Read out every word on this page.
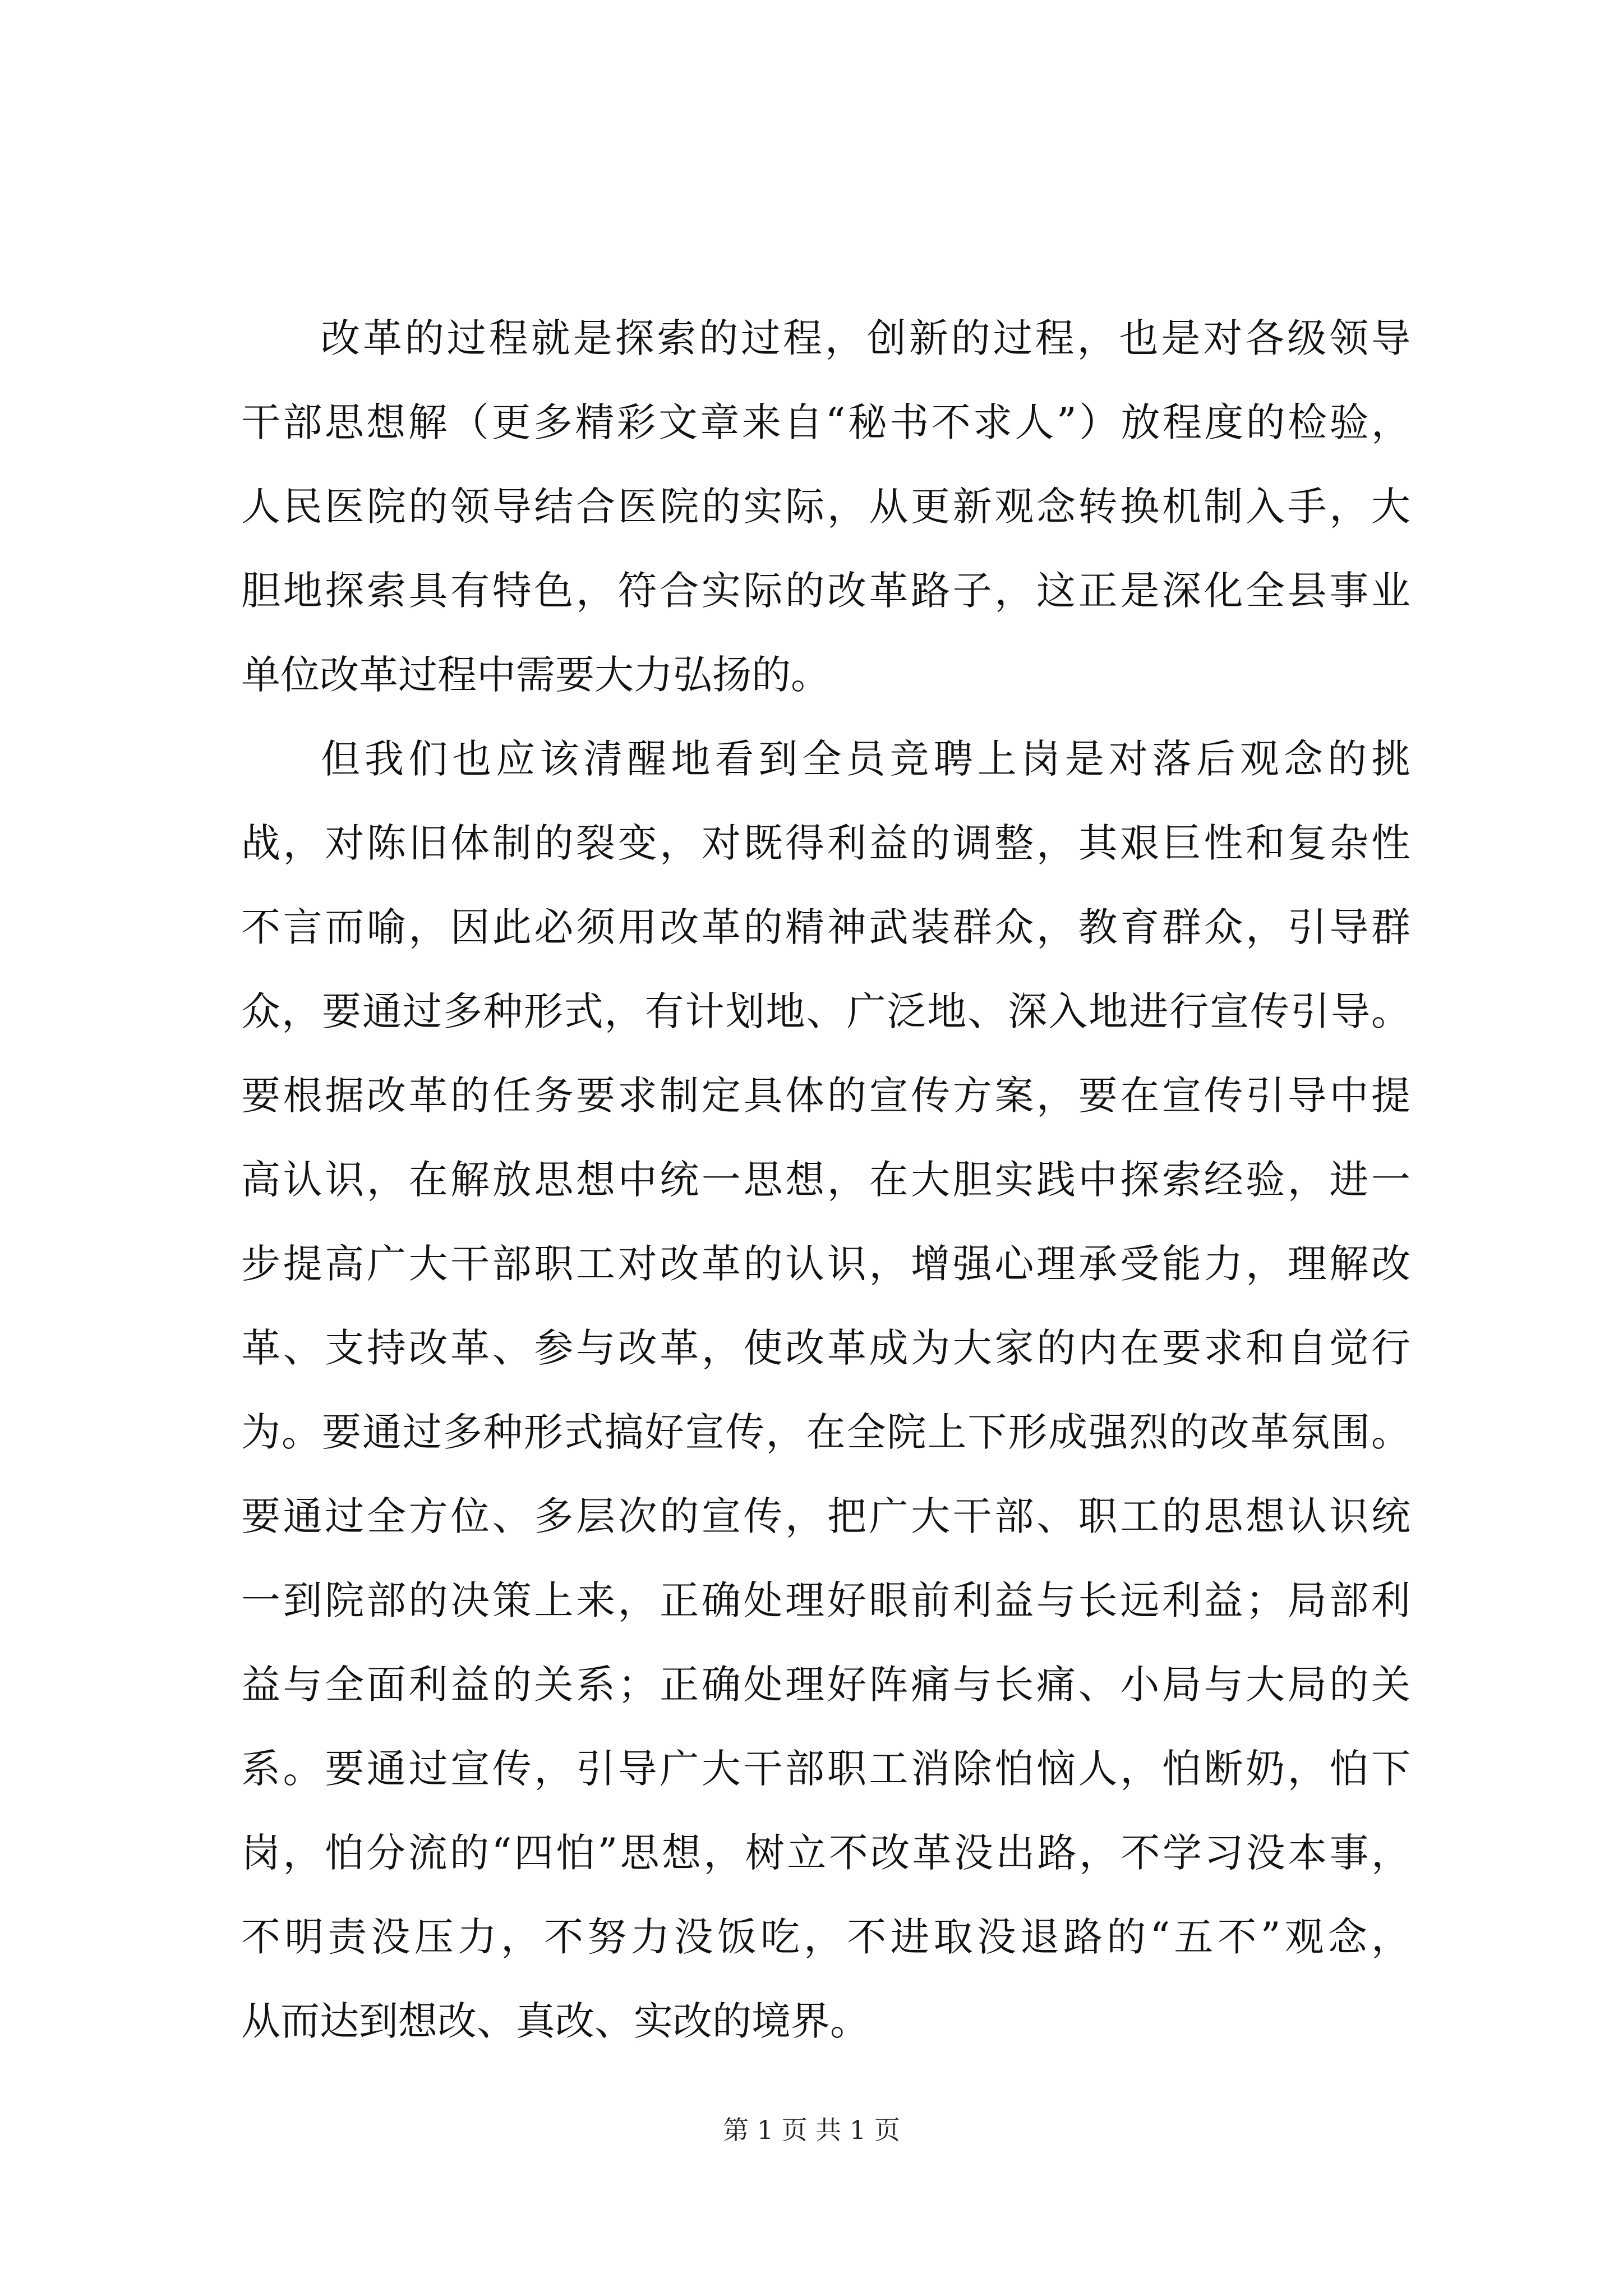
改革的过程就是探索的过程，创新的过程，也是对各级领导
干部思想解（更多精彩文章来自“秘书不求人”）放程度的检验，
人民医院的领导结合医院的实际，从更新观念转换机制入手，大
胆地探索具有特色，符合实际的改革路子，这正是深化全县事业
单位改革过程中需要大力弘扬的。
但我们也应该清醒地看到全员竞聘上岗是对落后观念的挑
战，对陈旧体制的裂变，对既得利益的调整，其艰巨性和复杂性
不言而喻，因此必须用改革的精神武装群众，教育群众，引导群
众，要通过多种形式，有计划地、广泛地、深入地进行宣传引导。
要根据改革的任务要求制定具体的宣传方案，要在宣传引导中提
高认识，在解放思想中统一思想，在大胆实践中探索经验，进一
步提高广大干部职工对改革的认识，增强心理承受能力，理解改
革、支持改革、参与改革，使改革成为大家的内在要求和自觉行
为。要通过多种形式搞好宣传，在全院上下形成强烈的改革氛围。
要通过全方位、多层次的宣传，把广大干部、职工的思想认识统
一到院部的决策上来，正确处理好眼前利益与长远利益；局部利
益与全面利益的关系；正确处理好阵痛与长痛、小局与大局的关
系。要通过宣传，引导广大干部职工消除怕恼人，怕断奶，怕下
岗，怕分流的“四怕”思想，树立不改革没出路，不学习没本事，
不明责没压力，不努力没饭吃，不进取没退路的“五不”观念，
从而达到想改、真改、实改的境界。
第 1 页 共 1 页
